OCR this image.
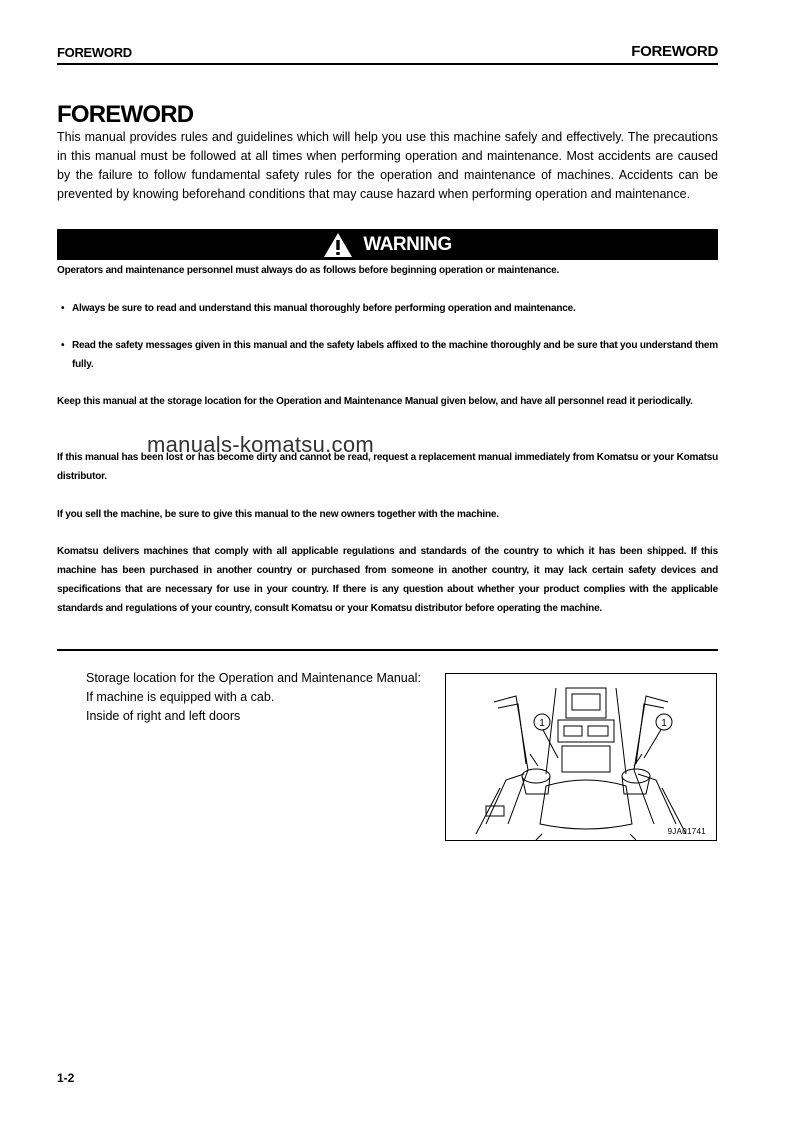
FOREWORD	FOREWORD
FOREWORD

This manual provides rules and guidelines which will help you use this machine safely and effectively. The precautions in this manual must be followed at all times when performing operation and maintenance. Most accidents are caused by the failure to follow fundamental safety rules for the operation and maintenance of machines. Accidents can be prevented by knowing beforehand conditions that may cause hazard when performing operation and maintenance.

WARNING

Operators and maintenance personnel must always do as follows before beginning operation or maintenance.

• Always be sure to read and understand this manual thoroughly before performing operation and maintenance.
• Read the safety messages given in this manual and the safety labels affixed to the machine thoroughly and be sure that you understand them fully.

Keep this manual at the storage location for the Operation and Maintenance Manual given below, and have all personnel read it periodically.

If this manual has been lost or has become dirty and cannot be read, request a replacement manual immediately from Komatsu or your Komatsu distributor.

If you sell the machine, be sure to give this manual to the new owners together with the machine.

Komatsu delivers machines that comply with all applicable regulations and standards of the country to which it has been shipped. If this machine has been purchased in another country or purchased from someone in another country, it may lack certain safety devices and specifications that are necessary for use in your country. If there is any question about whether your product complies with the applicable standards and regulations of your country, consult Komatsu or your Komatsu distributor before operating the machine.

manuals-komatsu.com
Storage location for the Operation and Maintenance Manual:
If machine is equipped with a cab.
Inside of right and left doors
1	1
9JA01741
1-2
